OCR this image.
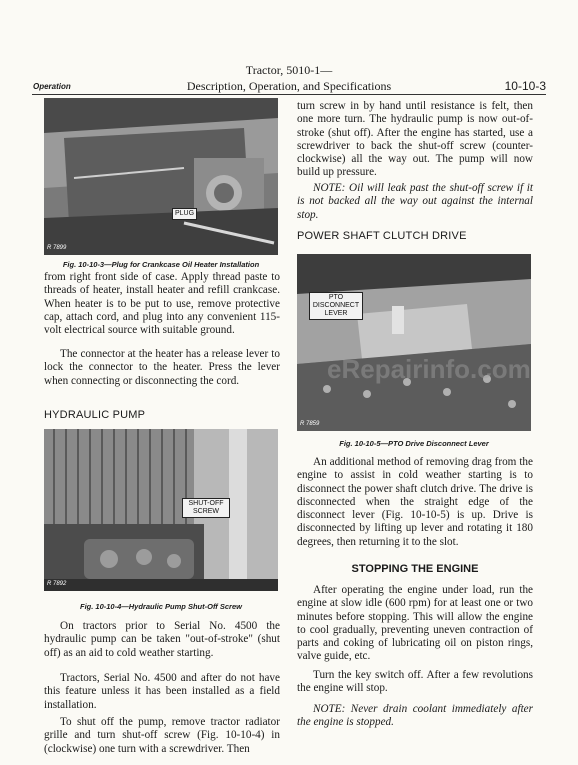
Tractor, 5010-1—
Operation	Description, Operation, and Specifications	10-10-3
PLUG
R 7899
Fig. 10-10-3—Plug for Crankcase Oil Heater Installation

from right front side of case. Apply thread paste to threads of heater, install heater and refill crankcase. When heater is to be put to use, remove protective cap, attach cord, and plug into any convenient 115-volt electrical source with suitable ground.

The connector at the heater has a release lever to lock the connector to the heater. Press the lever when connecting or disconnecting the cord.

HYDRAULIC PUMP
SHUT-OFF SCREW
R 7892
Fig. 10-10-4—Hydraulic Pump Shut-Off Screw

On tractors prior to Serial No. 4500 the hydraulic pump can be taken "out-of-stroke" (shut off) as an aid to cold weather starting.

Tractors, Serial No. 4500 and after do not have this feature unless it has been installed as a field installation.

To shut off the pump, remove tractor radiator grille and turn shut-off screw (Fig. 10-10-4) in (clockwise) one turn with a screwdriver. Then

turn screw in by hand until resistance is felt, then one more turn. The hydraulic pump is now out-of-stroke (shut off). After the engine has started, use a screwdriver to back the shut-off screw (counter-clockwise) all the way out. The pump will now build up pressure.

NOTE: Oil will leak past the shut-off screw if it is not backed all the way out against the internal stop.

POWER SHAFT CLUTCH DRIVE
PTO DISCONNECT LEVER
eRepairinfo.com
R 7859
Fig. 10-10-5—PTO Drive Disconnect Lever

An additional method of removing drag from the engine to assist in cold weather starting is to disconnect the power shaft clutch drive. The drive is disconnected when the straight edge of the disconnect lever (Fig. 10-10-5) is up. Drive is disconnected by lifting up lever and rotating it 180 degrees, then returning it to the slot.

STOPPING THE ENGINE

After operating the engine under load, run the engine at slow idle (600 rpm) for at least one or two minutes before stopping. This will allow the engine to cool gradually, preventing uneven contraction of parts and coking of lubricating oil on piston rings, valve guide, etc.

Turn the key switch off. After a few revolutions the engine will stop.

NOTE: Never drain coolant immediately after the engine is stopped.
